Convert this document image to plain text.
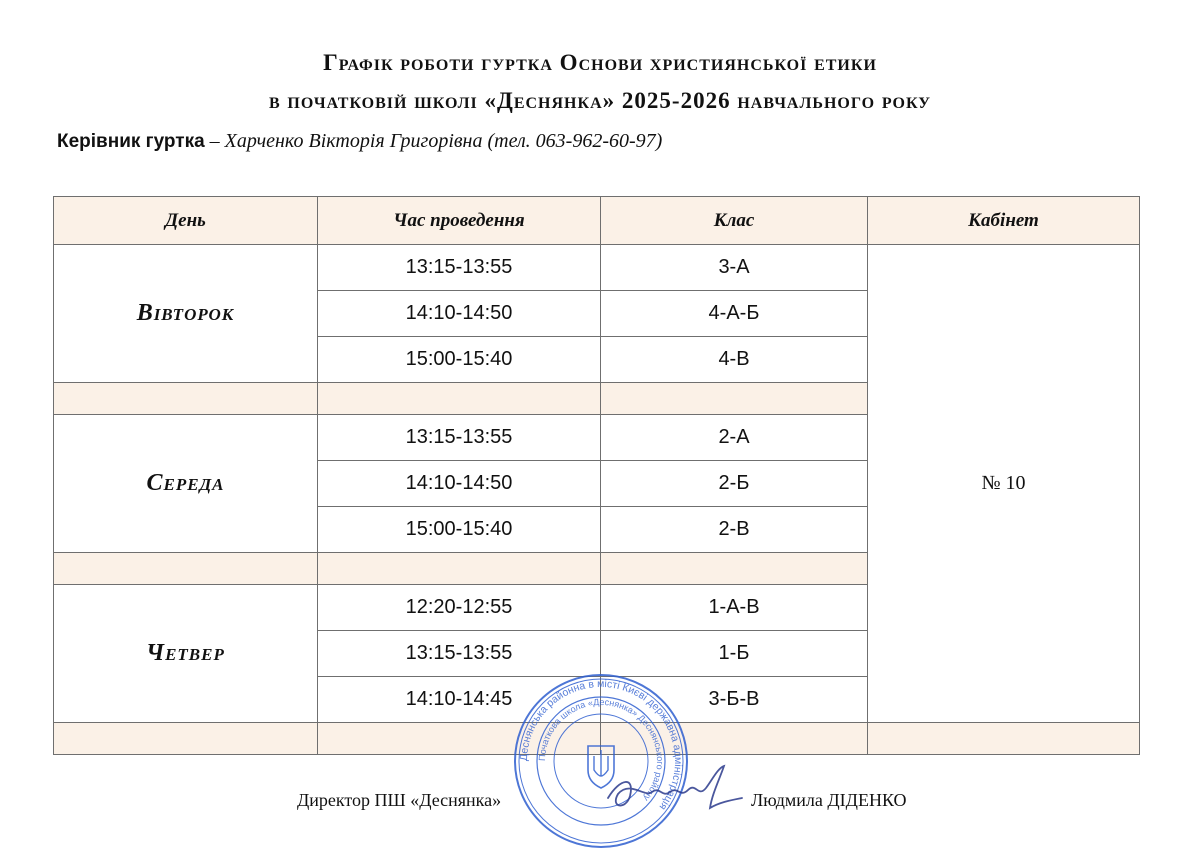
Графік роботи гуртка Основи християнської етики
в початковій школі «Деснянка» 2025-2026 навчального року
Керівник гуртка – Харченко Вікторія Григорівна (тел. 063-962-60-97)
День	Час проведення	Клас	Кабінет
Вівторок	13:15-13:55	3-А	№ 10
	14:10-14:50	4-А-Б	
	15:00-15:40	4-В	

Середа	13:15-13:55	2-А	
	14:10-14:50	2-Б	
	15:00-15:40	2-В	

Четвер	12:20-12:55	1-А-В	
	13:15-13:55	1-Б	
	14:10-14:45	3-Б-В	

Директор ПШ «Деснянка»	Людмила ДІДЕНКО
Деснянська районна в місті Києві державна адміністрація
Початкова школа «Деснянка» Деснянського району
